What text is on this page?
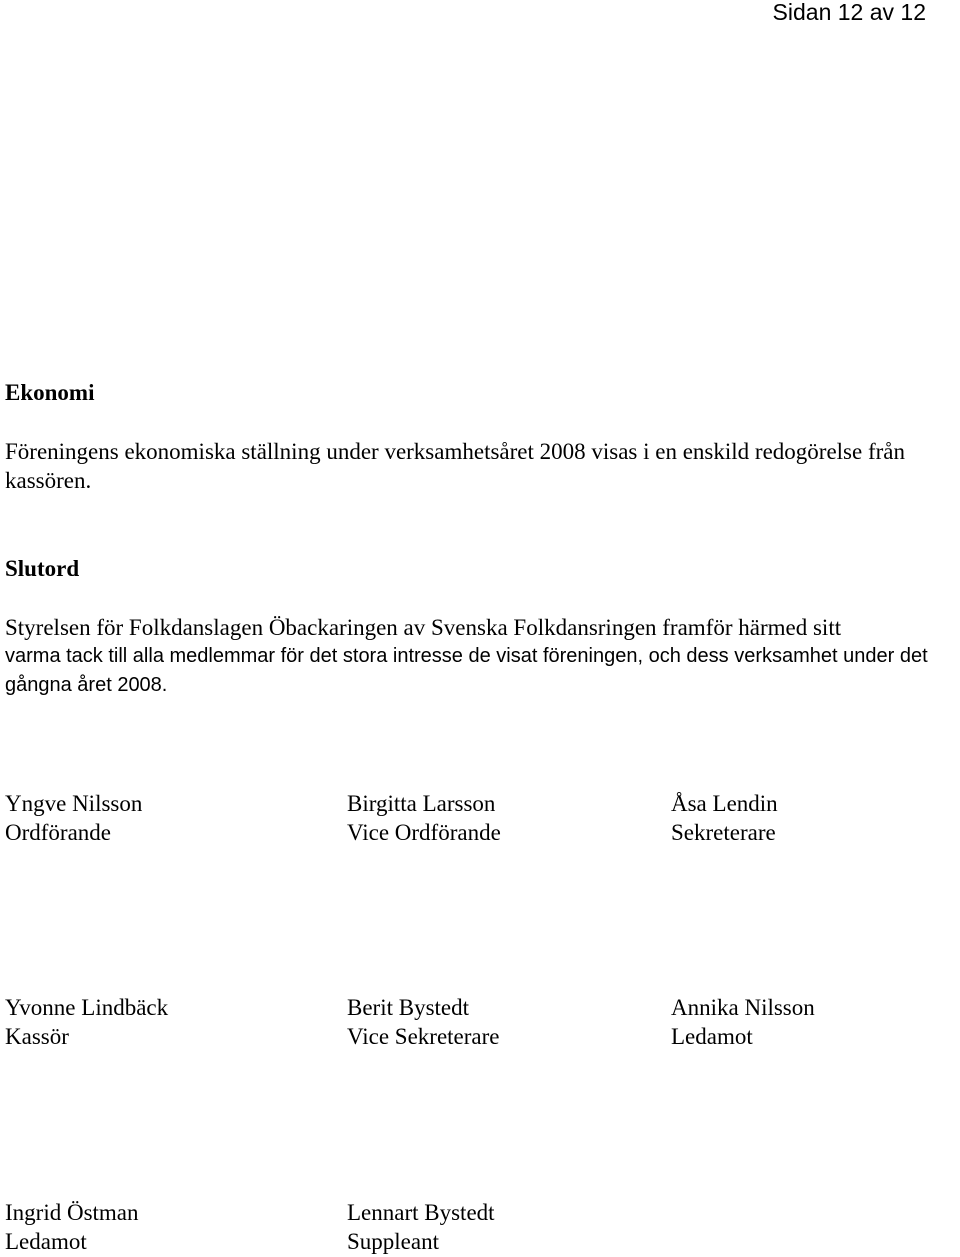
Sidan 12 av 12
Ekonomi

Föreningens ekonomiska ställning under verksamhetsåret 2008 visas i en enskild redogörelse från kassören.

Slutord

Styrelsen för Folkdanslagen Öbackaringen av Svenska Folkdansringen framför härmed sitt

varma tack till alla medlemmar för det stora intresse de visat föreningen, och dess verksamhet under det gångna året 2008.

Yngve Nilsson
Ordförande
Birgitta Larsson
Vice Ordförande
Åsa Lendin
Sekreterare
Yvonne Lindbäck
Kassör
Berit Bystedt
Vice Sekreterare
Annika Nilsson
Ledamot
Ingrid Östman
Ledamot
Lennart Bystedt
Suppleant
